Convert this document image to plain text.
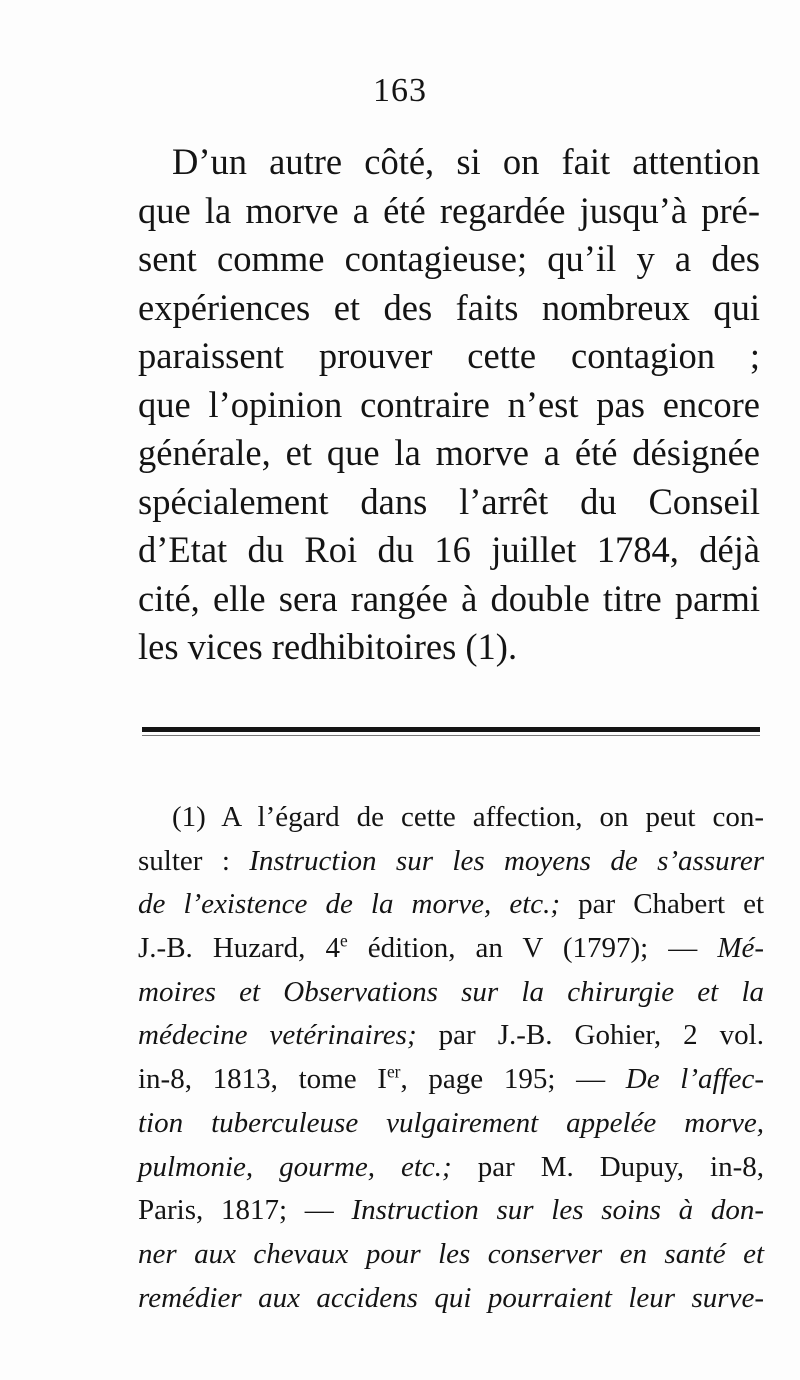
163
D’un autre côté, si on fait attention
que la morve a été regardée jusqu’à pré-
sent comme contagieuse; qu’il y a des
expériences et des faits nombreux qui
paraissent prouver cette contagion ;
que l’opinion contraire n’est pas encore
générale, et que la morve a été désignée
spécialement dans l’arrêt du Conseil
d’Etat du Roi du 16 juillet 1784, déjà
cité, elle sera rangée à double titre parmi
les vices redhibitoires (1).
(1) A l’égard de cette affection, on peut con-
sulter : Instruction sur les moyens de s’assurer
de l’existence de la morve, etc.; par Chabert et
J.-B. Huzard, 4e édition, an V (1797); — Mé-
moires et Observations sur la chirurgie et la
médecine vetérinaires; par J.-B. Gohier, 2 vol.
in-8, 1813, tome Ier, page 195; — De l’affec-
tion tuberculeuse vulgairement appelée morve,
pulmonie, gourme, etc.; par M. Dupuy, in-8,
Paris, 1817; — Instruction sur les soins à don-
ner aux chevaux pour les conserver en santé et
remédier aux accidens qui pourraient leur surve-
